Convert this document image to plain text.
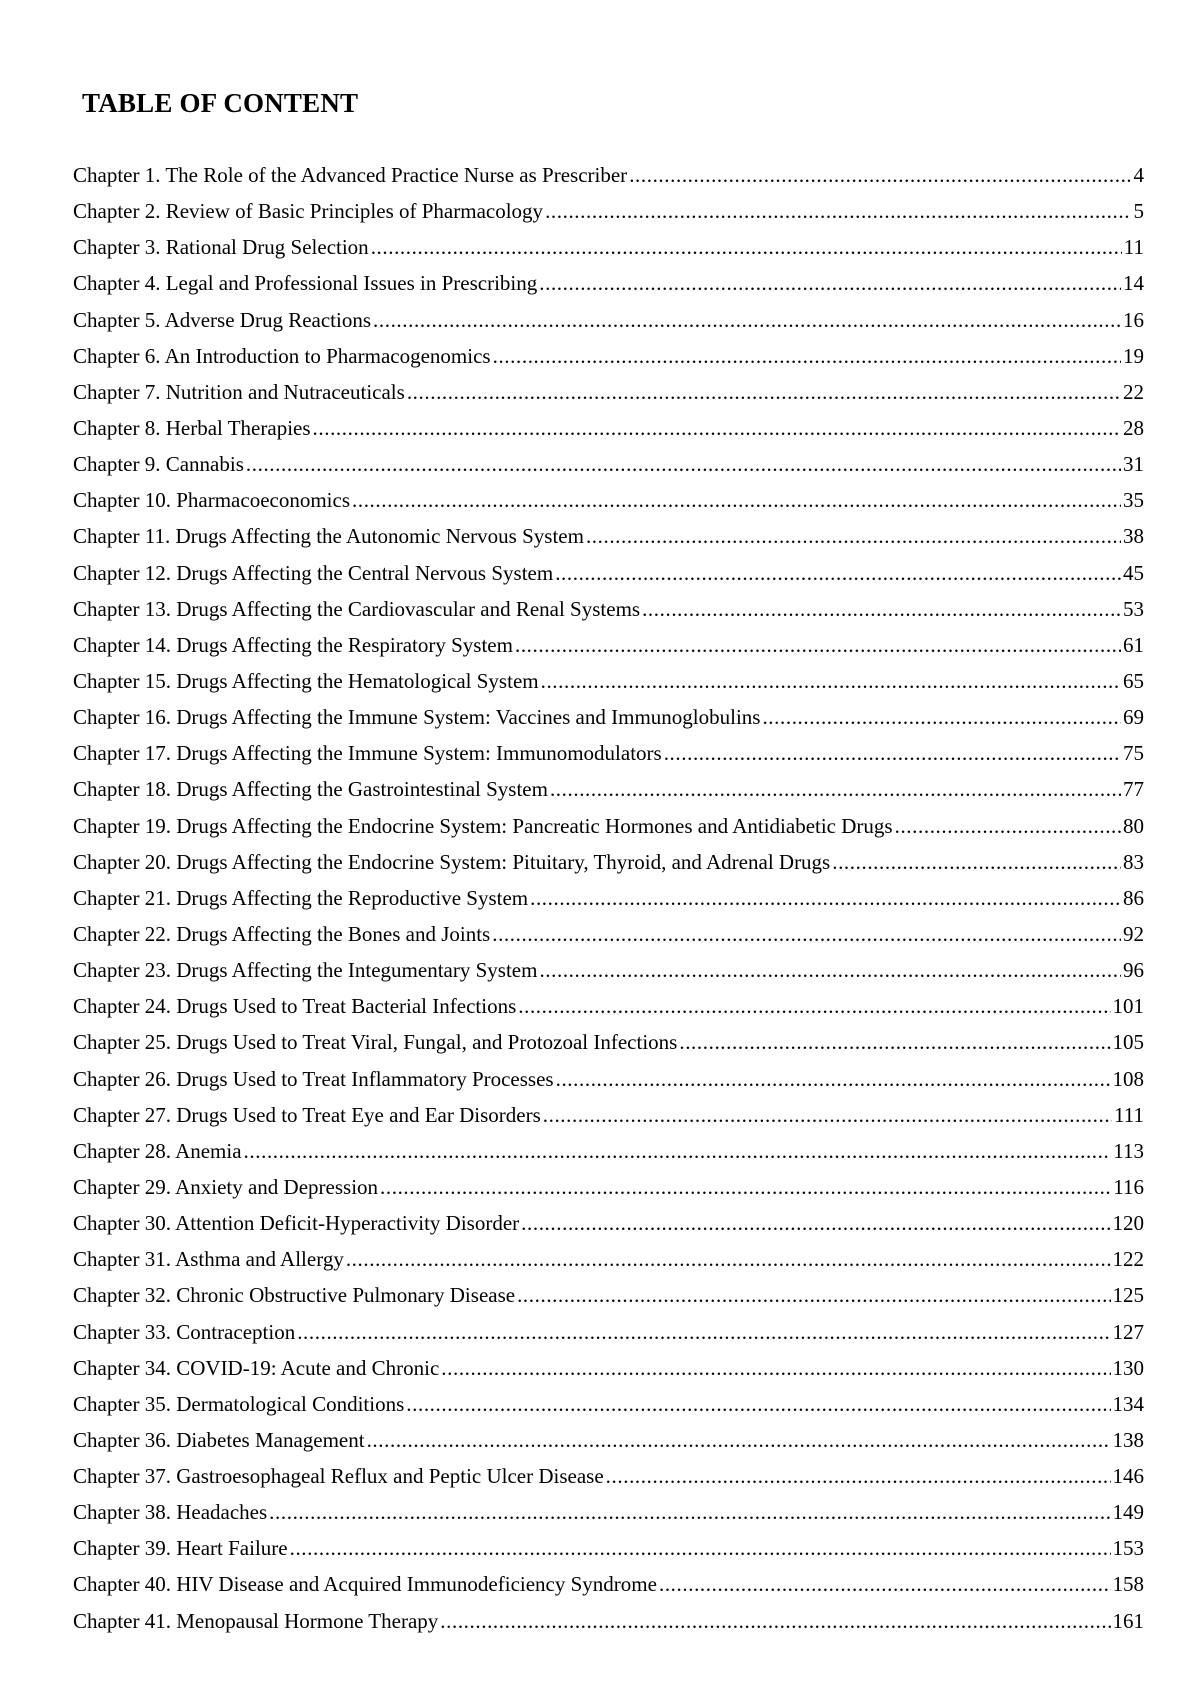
TABLE OF CONTENT
Chapter 1. The Role of the Advanced Practice Nurse as Prescriber .....	4
Chapter 2. Review of Basic Principles of Pharmacology .....	5
Chapter 3. Rational Drug Selection .....	11
Chapter 4. Legal and Professional Issues in Prescribing .....	14
Chapter 5. Adverse Drug Reactions .....	16
Chapter 6. An Introduction to Pharmacogenomics .....	19
Chapter 7. Nutrition and Nutraceuticals .....	22
Chapter 8. Herbal Therapies .....	28
Chapter 9. Cannabis .....	31
Chapter 10. Pharmacoeconomics .....	35
Chapter 11. Drugs Affecting the Autonomic Nervous System .....	38
Chapter 12. Drugs Affecting the Central Nervous System .....	45
Chapter 13. Drugs Affecting the Cardiovascular and Renal Systems .....	53
Chapter 14. Drugs Affecting the Respiratory System .....	61
Chapter 15. Drugs Affecting the Hematological System .....	65
Chapter 16. Drugs Affecting the Immune System: Vaccines and Immunoglobulins .....	69
Chapter 17. Drugs Affecting the Immune System: Immunomodulators .....	75
Chapter 18. Drugs Affecting the Gastrointestinal System .....	77
Chapter 19. Drugs Affecting the Endocrine System: Pancreatic Hormones and Antidiabetic Drugs .....	80
Chapter 20. Drugs Affecting the Endocrine System: Pituitary, Thyroid, and Adrenal Drugs .....	83
Chapter 21. Drugs Affecting the Reproductive System .....	86
Chapter 22. Drugs Affecting the Bones and Joints .....	92
Chapter 23. Drugs Affecting the Integumentary System .....	96
Chapter 24. Drugs Used to Treat Bacterial Infections .....	101
Chapter 25. Drugs Used to Treat Viral, Fungal, and Protozoal Infections .....	105
Chapter 26. Drugs Used to Treat Inflammatory Processes .....	108
Chapter 27. Drugs Used to Treat Eye and Ear Disorders .....	111
Chapter 28. Anemia .....	113
Chapter 29. Anxiety and Depression .....	116
Chapter 30. Attention Deficit-Hyperactivity Disorder .....	120
Chapter 31. Asthma and Allergy .....	122
Chapter 32. Chronic Obstructive Pulmonary Disease .....	125
Chapter 33. Contraception .....	127
Chapter 34. COVID-19: Acute and Chronic .....	130
Chapter 35. Dermatological Conditions .....	134
Chapter 36. Diabetes Management .....	138
Chapter 37. Gastroesophageal Reflux and Peptic Ulcer Disease .....	146
Chapter 38. Headaches .....	149
Chapter 39. Heart Failure .....	153
Chapter 40. HIV Disease and Acquired Immunodeficiency Syndrome .....	158
Chapter 41. Menopausal Hormone Therapy .....	161
